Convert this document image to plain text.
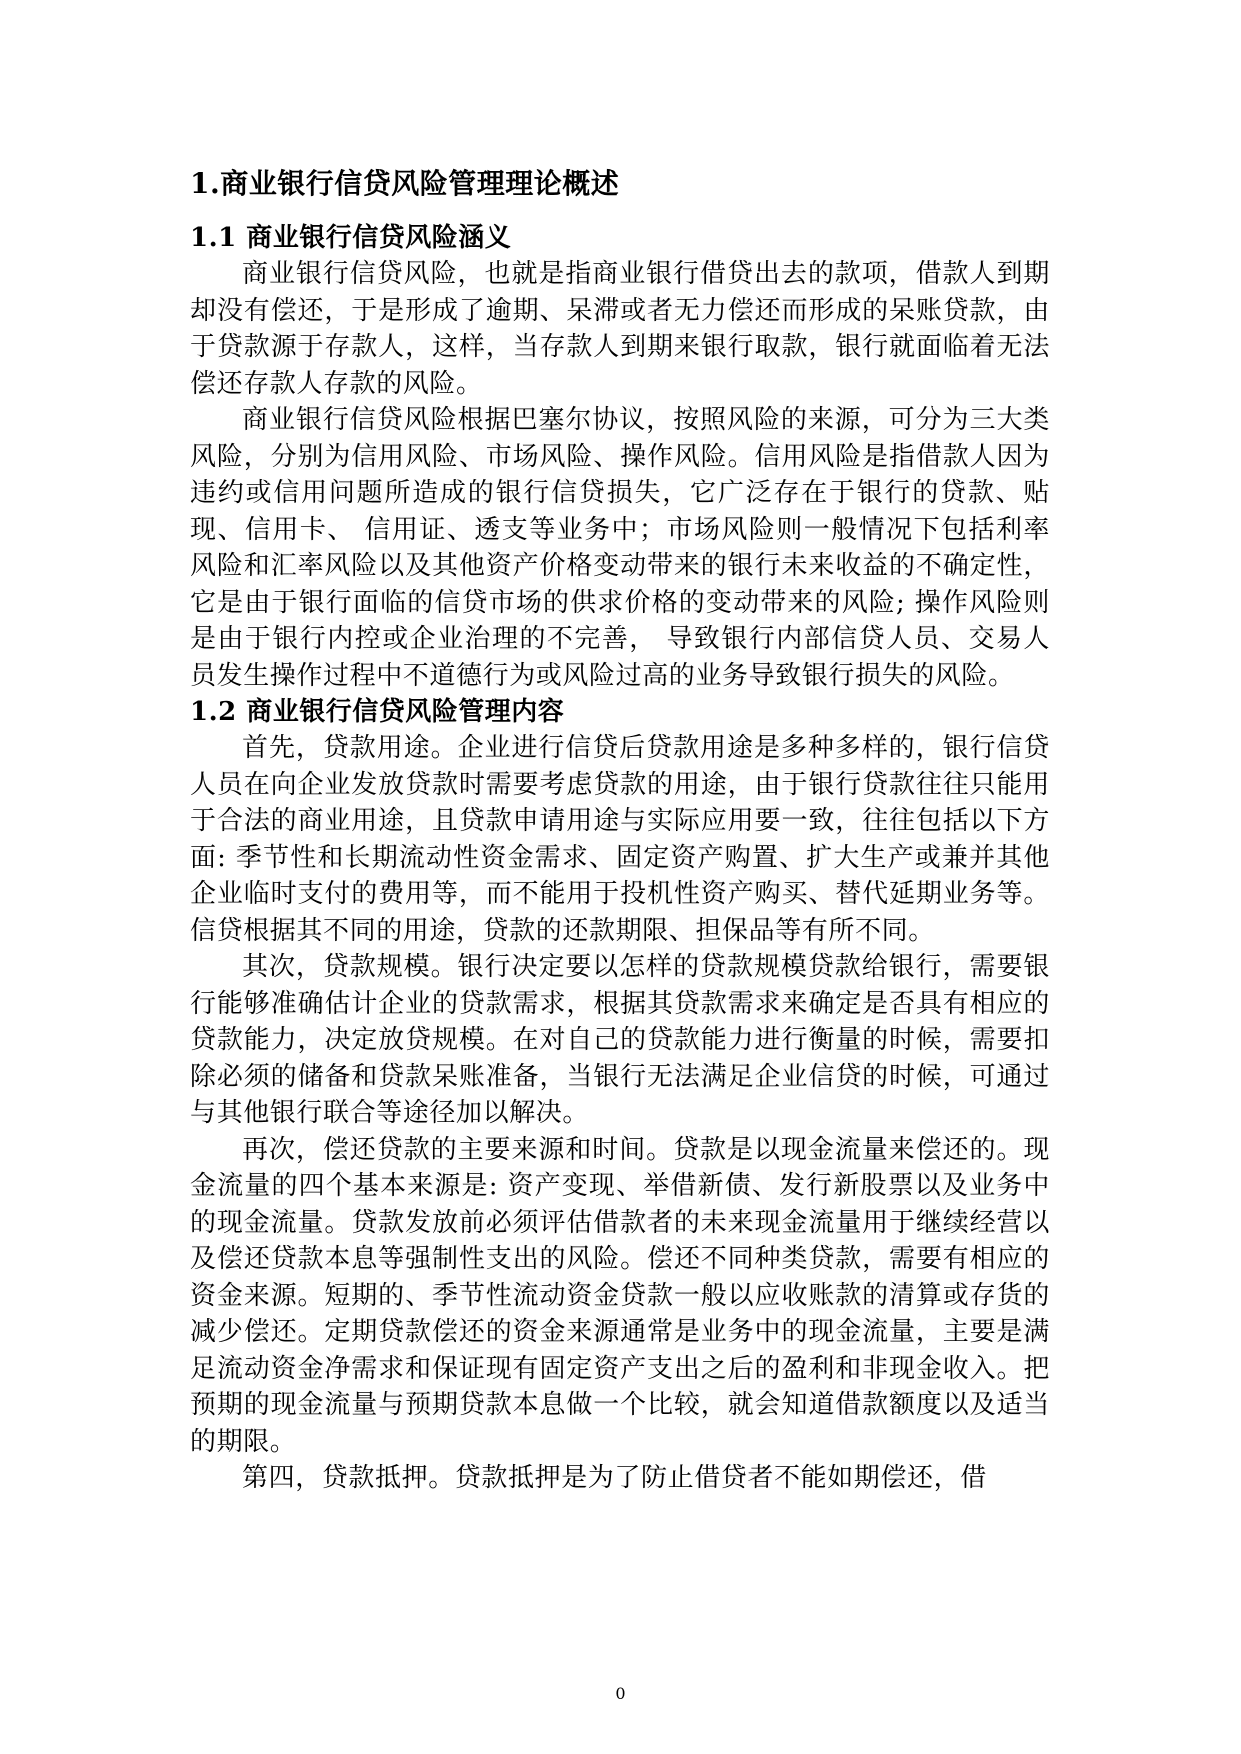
1.商业银行信贷风险管理理论概述
1.1 商业银行信贷风险涵义
商业银行信贷风险，也就是指商业银行借贷出去的款项，借款人到期却没有偿还，于是形成了逾期、呆滞或者无力偿还而形成的呆账贷款，由于贷款源于存款人，这样，当存款人到期来银行取款，银行就面临着无法偿还存款人存款的风险。
商业银行信贷风险根据巴塞尔协议，按照风险的来源，可分为三大类风险，分别为信用风险、市场风险、操作风险。信用风险是指借款人因为违约或信用问题所造成的银行信贷损失，它广泛存在于银行的贷款、贴现、信用卡、 信用证、透支等业务中；市场风险则一般情况下包括利率风险和汇率风险以及其他资产价格变动带来的银行未来收益的不确定性，它是由于银行面临的信贷市场的供求价格的变动带来的风险; 操作风险则是由于银行内控或企业治理的不完善， 导致银行内部信贷人员、交易人员发生操作过程中不道德行为或风险过高的业务导致银行损失的风险。
1.2 商业银行信贷风险管理内容
首先，贷款用途。企业进行信贷后贷款用途是多种多样的，银行信贷人员在向企业发放贷款时需要考虑贷款的用途，由于银行贷款往往只能用于合法的商业用途，且贷款申请用途与实际应用要一致，往往包括以下方面: 季节性和长期流动性资金需求、固定资产购置、扩大生产或兼并其他企业临时支付的费用等，而不能用于投机性资产购买、替代延期业务等。信贷根据其不同的用途，贷款的还款期限、担保品等有所不同。
其次，贷款规模。银行决定要以怎样的贷款规模贷款给银行，需要银行能够准确估计企业的贷款需求，根据其贷款需求来确定是否具有相应的贷款能力，决定放贷规模。在对自己的贷款能力进行衡量的时候，需要扣除必须的储备和贷款呆账准备，当银行无法满足企业信贷的时候，可通过与其他银行联合等途径加以解决。
再次，偿还贷款的主要来源和时间。贷款是以现金流量来偿还的。现金流量的四个基本来源是: 资产变现、举借新债、发行新股票以及业务中的现金流量。贷款发放前必须评估借款者的未来现金流量用于继续经营以及偿还贷款本息等强制性支出的风险。偿还不同种类贷款，需要有相应的资金来源。短期的、季节性流动资金贷款一般以应收账款的清算或存货的减少偿还。定期贷款偿还的资金来源通常是业务中的现金流量，主要是满足流动资金净需求和保证现有固定资产支出之后的盈利和非现金收入。把预期的现金流量与预期贷款本息做一个比较，就会知道借款额度以及适当的期限。
第四，贷款抵押。贷款抵押是为了防止借贷者不能如期偿还，借
0
